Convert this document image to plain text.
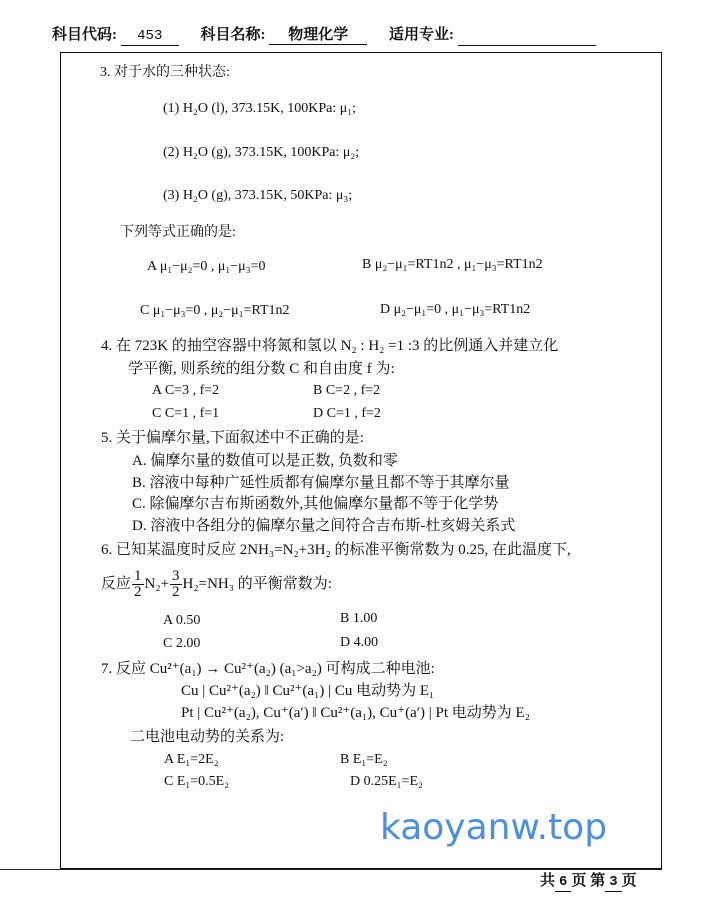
科目代码: 453	科目名称: 物理化学	适用专业:
3. 对于水的三种状态:
(1) H₂O (l), 373.15K, 100KPa: μ₁;
(2) H₂O (g), 373.15K, 100KPa: μ₂;
(3) H₂O (g), 373.15K, 50KPa: μ₃;
下列等式正确的是:
A μ₁−μ₂=0 , μ₁−μ₃=0	B μ₂−μ₁=RT1n2 , μ₁−μ₃=RT1n2
C μ₁−μ₃=0 , μ₂−μ₁=RT1n2	D μ₂−μ₁=0 , μ₁−μ₃=RT1n2
4. 在 723K 的抽空容器中将氮和氢以 N₂ : H₂ =1 :3 的比例通入并建立化
学平衡, 则系统的组分数 C 和自由度 f 为:
A C=3 , f=2	B C=2 , f=2
C C=1 , f=1	D C=1 , f=2
5. 关于偏摩尔量,下面叙述中不正确的是:
A. 偏摩尔量的数值可以是正数, 负数和零
B. 溶液中每种广延性质都有偏摩尔量且都不等于其摩尔量
C. 除偏摩尔吉布斯函数外,其他偏摩尔量都不等于化学势
D. 溶液中各组分的偏摩尔量之间符合吉布斯-杜亥姆关系式
6. 已知某温度时反应 2NH₃=N₂+3H₂ 的标准平衡常数为 0.25, 在此温度下,
反应 $\frac{1}{2} N_2+ \frac{3}{2} H_2=NH_3$ 的平衡常数为:
A 0.50	B 1.00
C 2.00	D 4.00
7. 反应 Cu²⁺(a₁) → Cu²⁺(a₂) (a₁>a₂) 可构成二种电池:
Cu | Cu²⁺(a₂) ‖ Cu²⁺(a₁) | Cu 电动势为 E₁
Pt | Cu²⁺(a₂), Cu⁺(a′) ‖ Cu²⁺(a₁), Cu⁺(a′) | Pt 电动势为 E₂
二电池电动势的关系为:
A E₁=2E₂	B E₁=E₂
C E₁=0.5E₂	D 0.25E₁=E₂
kaoyanw.top
共 6 页 第 3 页
